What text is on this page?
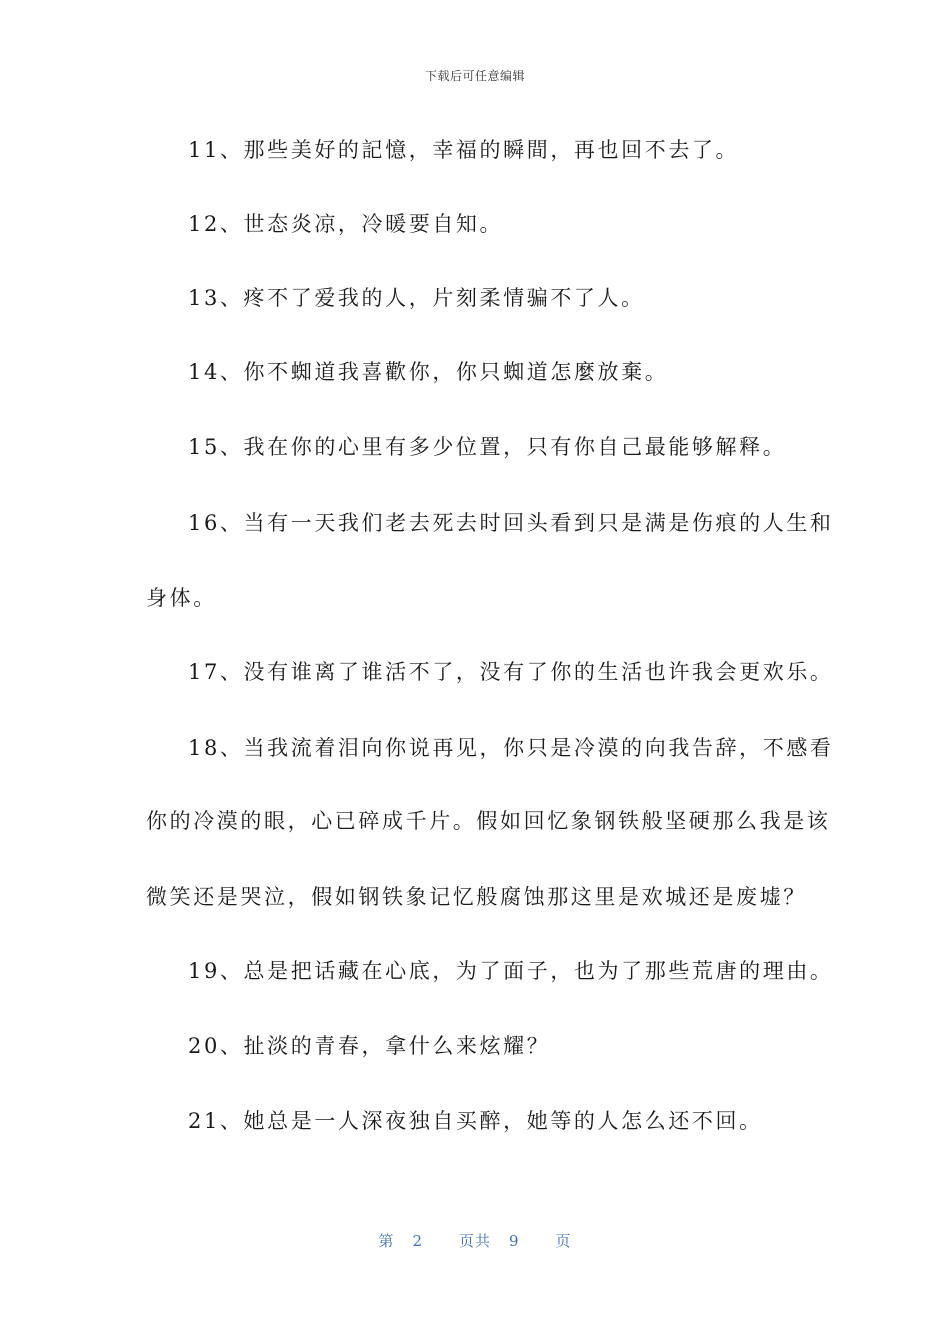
下载后可任意编辑
11、那些美好的記憶，幸福的瞬間，再也回不去了。
12、世态炎凉，冷暖要自知。
13、疼不了爱我的人，片刻柔情骗不了人。
14、你不蜘道我喜歡你，你只蜘道怎麼放棄。
15、我在你的心里有多少位置，只有你自己最能够解释。
16、当有一天我们老去死去时回头看到只是满是伤痕的人生和
身体。
17、没有谁离了谁活不了，没有了你的生活也许我会更欢乐。
18、当我流着泪向你说再见，你只是冷漠的向我告辞，不感看
你的冷漠的眼，心已碎成千片。假如回忆象钢铁般坚硬那么我是该
微笑还是哭泣，假如钢铁象记忆般腐蚀那这里是欢城还是废墟？
19、总是把话藏在心底，为了面子，也为了那些荒唐的理由。
20、扯淡的青春，拿什么来炫耀？
21、她总是一人深夜独自买醉，她等的人怎么还不回。
第 2 页共 9 页
